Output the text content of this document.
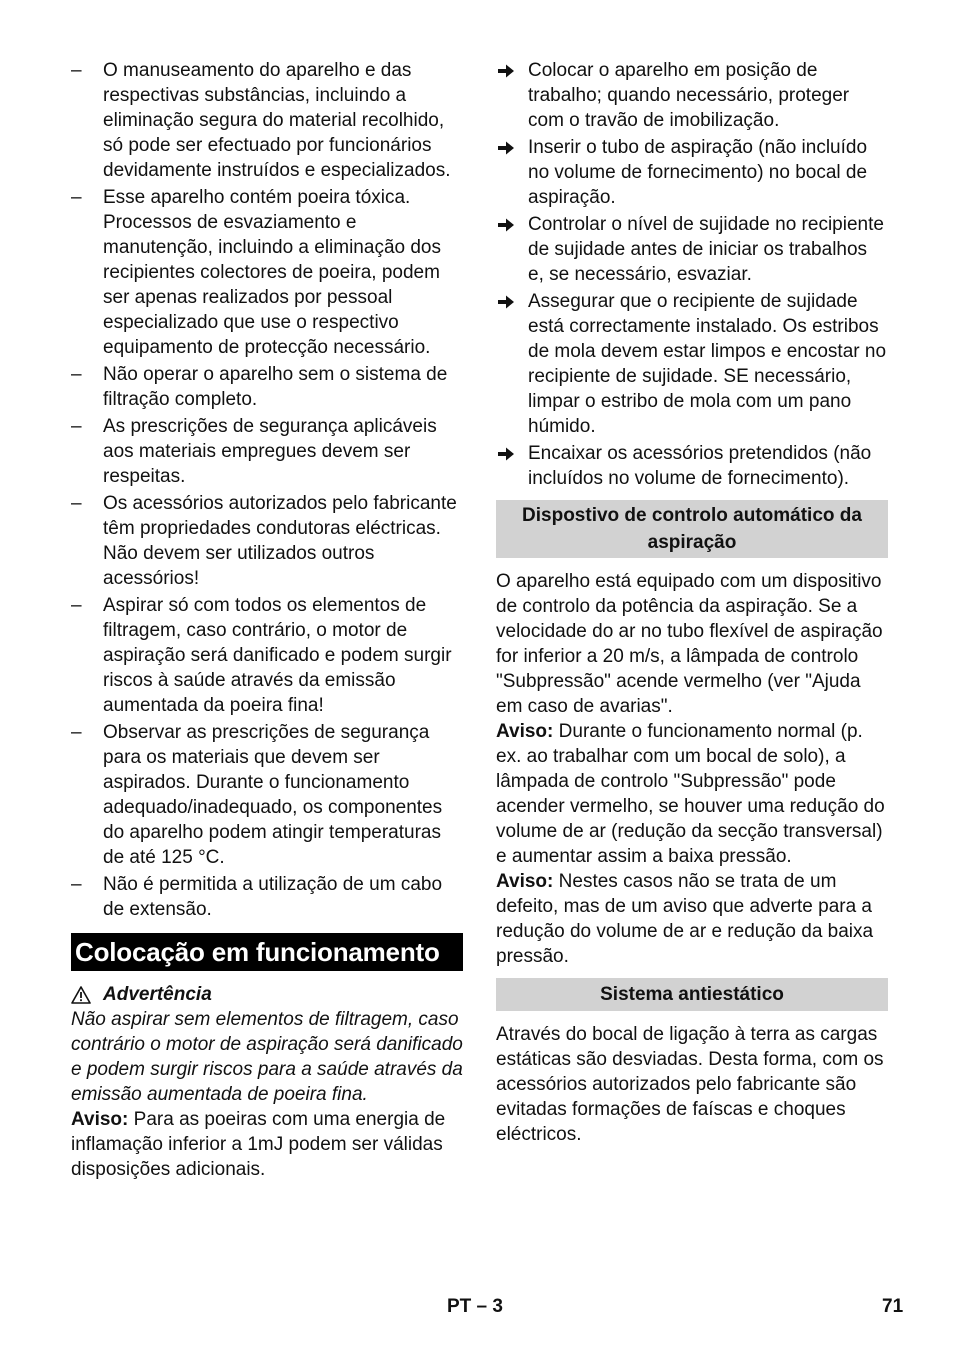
–	O manuseamento do aparelho e das respectivas substâncias, incluindo a eliminação segura do material recolhido, só pode ser efectuado por funcionários devidamente instruídos e especializados.
–	Esse aparelho contém poeira tóxica. Processos de esvaziamento e manutenção, incluindo a eliminação dos recipientes colectores de poeira, podem ser apenas realizados por pessoal especializado que use o respectivo equipamento de protecção necessário.
–	Não operar o aparelho sem o sistema de filtração completo.
–	As prescrições de segurança aplicáveis aos materiais empregues devem ser respeitas.
–	Os acessórios autorizados pelo fabricante têm propriedades condutoras eléctricas. Não devem ser utilizados outros acessórios!
–	Aspirar só com todos os elementos de filtragem, caso contrário, o motor de aspiração será danificado e podem surgir riscos à saúde através da emissão aumentada da poeira fina!
–	Observar as prescrições de segurança para os materiais que devem ser aspirados. Durante o funcionamento adequado/inadequado, os componentes do aparelho podem atingir temperaturas de até 125 °C.
–	Não é permitida a utilização de um cabo de extensão.
Colocação em funcionamento
Advertência

Não aspirar sem elementos de filtragem, caso contrário o motor de aspiração será danificado e podem surgir riscos para a saúde através da emissão aumentada de poeira fina.

Aviso: Para as poeiras com uma energia de inflamação inferior a 1mJ podem ser válidas disposições adicionais.

Colocar o aparelho em posição de trabalho; quando necessário, proteger com o travão de imobilização.
Inserir o tubo de aspiração (não incluído no volume de fornecimento) no bocal de aspiração.
Controlar o nível de sujidade no recipiente de sujidade antes de iniciar os trabalhos e, se necessário, esvaziar.
Assegurar que o recipiente de sujidade está correctamente instalado. Os estribos de mola devem estar limpos e encostar no recipiente de sujidade. SE necessário, limpar o estribo de mola com um pano húmido.
Encaixar os acessórios pretendidos (não incluídos no volume de fornecimento).
Dispostivo de controlo automático da aspiração

O aparelho está equipado com um dispositivo de controlo da potência da aspiração. Se a velocidade do ar no tubo flexível de aspiração for inferior a 20 m/s, a lâmpada de controlo "Subpressão" acende vermelho (ver "Ajuda em caso de avarias".

Aviso: Durante o funcionamento normal (p. ex. ao trabalhar com um bocal de solo), a lâmpada de controlo "Subpressão" pode acender vermelho, se houver uma redução do volume de ar (redução da secção transversal) e aumentar assim a baixa pressão.

Aviso: Nestes casos não se trata de um defeito, mas de um aviso que adverte para a redução do volume de ar e redução da baixa pressão.

Sistema antiestático

Através do bocal de ligação à terra as cargas estáticas são desviadas. Desta forma, com os acessórios autorizados pelo fabricante são evitadas formações de faíscas e choques eléctricos.

PT – 3	71
